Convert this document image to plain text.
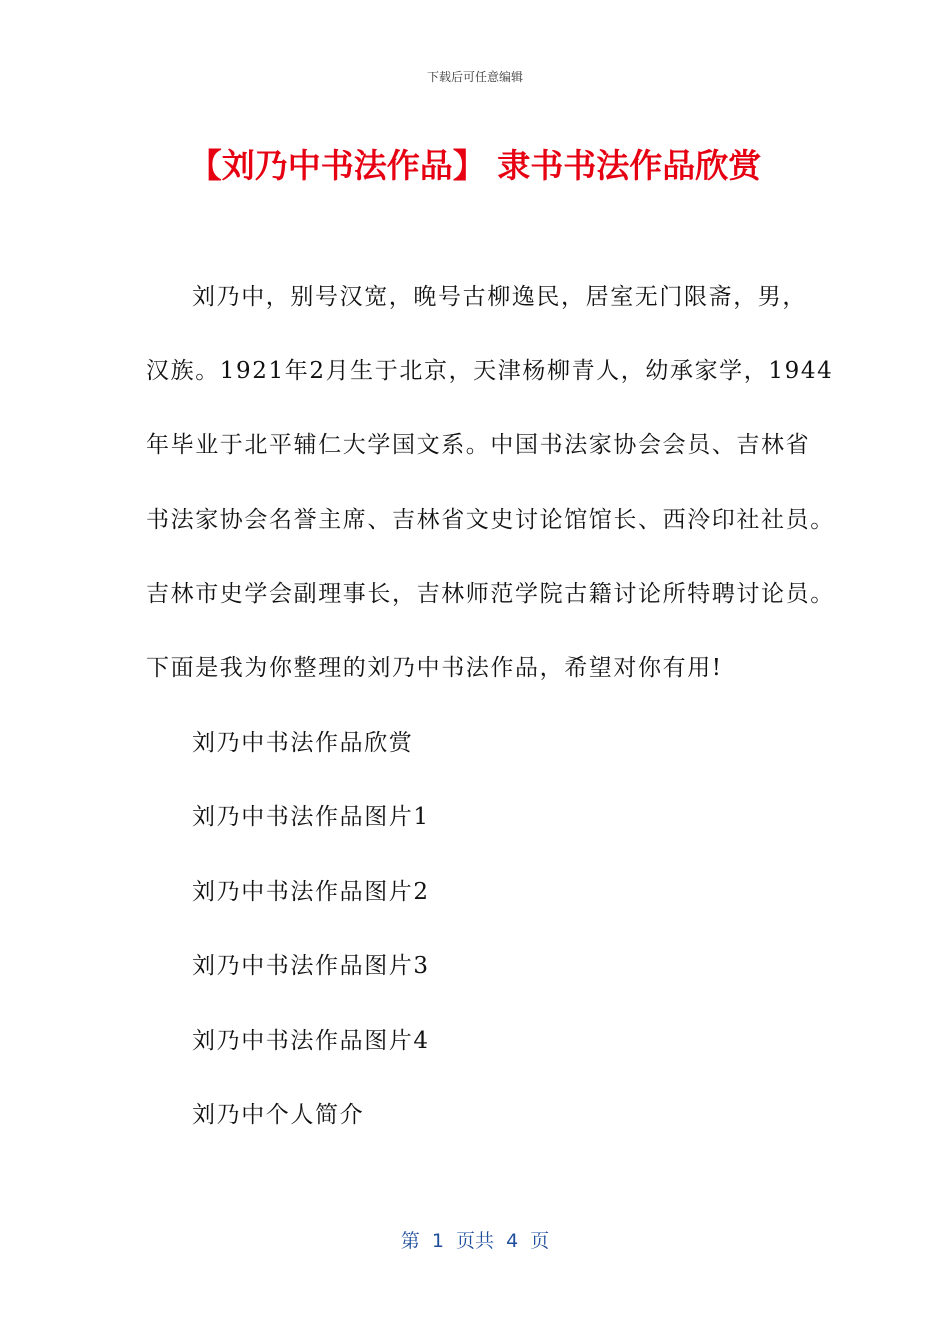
下载后可任意编辑
【刘乃中书法作品】 隶书书法作品欣赏
刘乃中，别号汉宽，晚号古柳逸民，居室无门限斋，男，
汉族。1921年2月生于北京，天津杨柳青人，幼承家学，1944
年毕业于北平辅仁大学国文系。中国书法家协会会员、吉林省
书法家协会名誉主席、吉林省文史讨论馆馆长、西泠印社社员。
吉林市史学会副理事长，吉林师范学院古籍讨论所特聘讨论员。
下面是我为你整理的刘乃中书法作品，希望对你有用!
刘乃中书法作品欣赏
刘乃中书法作品图片1
刘乃中书法作品图片2
刘乃中书法作品图片3
刘乃中书法作品图片4
刘乃中个人简介
第  1  页共  4  页
